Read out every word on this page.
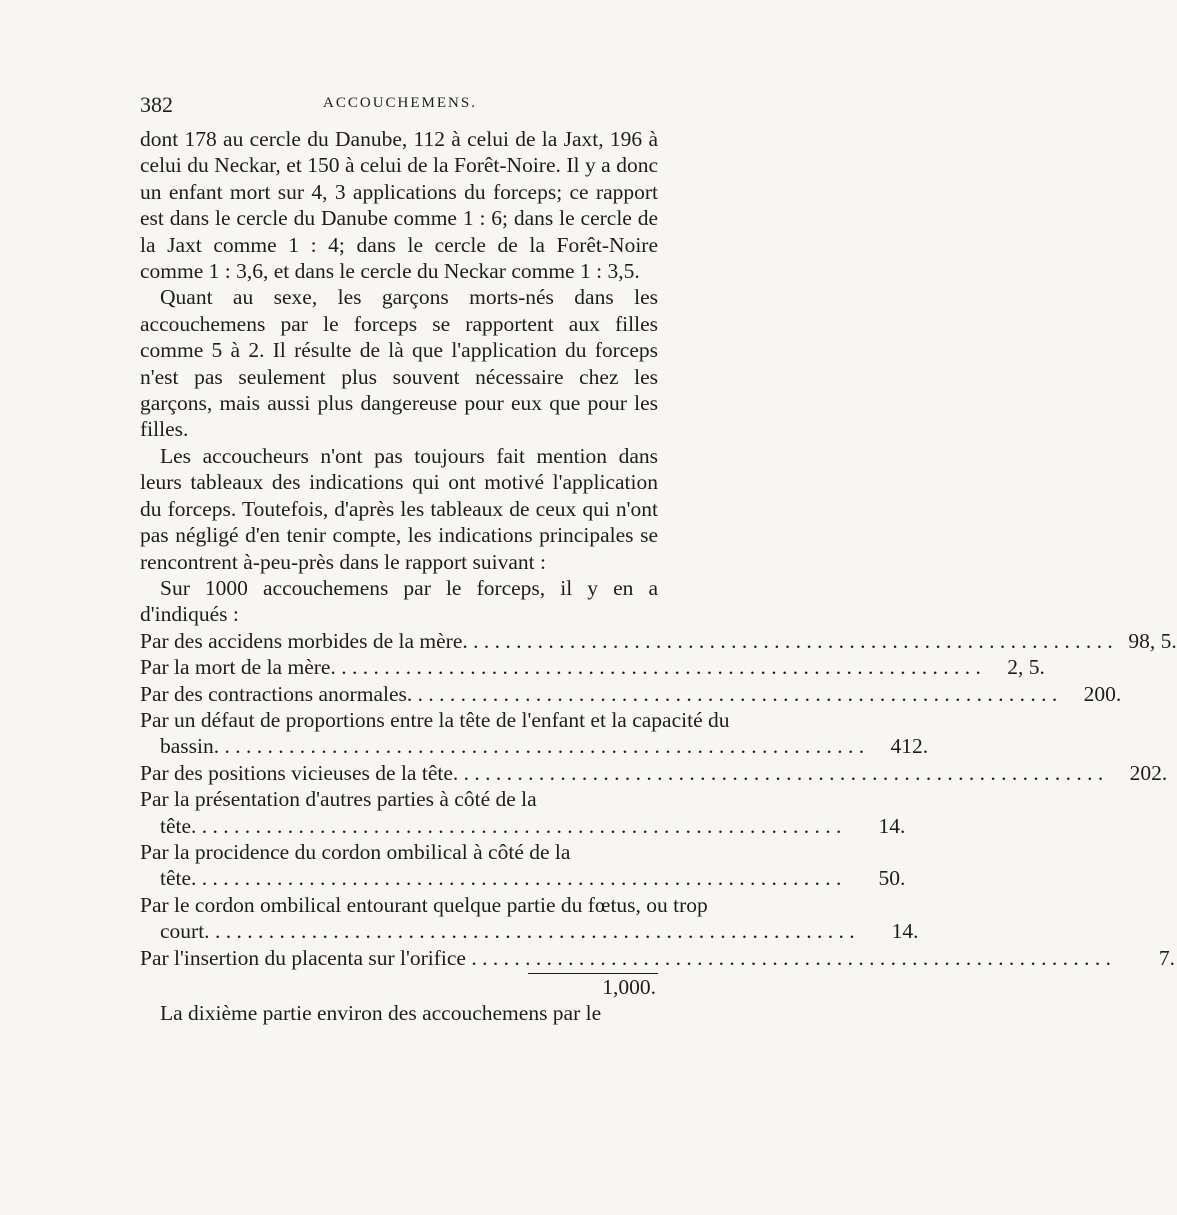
382	ACCOUCHEMENS.

dont 178 au cercle du Danube, 112 à celui de la Jaxt, 196 à celui du Neckar, et 150 à celui de la Forêt-Noire. Il y a donc un enfant mort sur 4, 3 applications du forceps; ce rapport est dans le cercle du Danube comme 1 : 6; dans le cercle de la Jaxt comme 1 : 4; dans le cercle de la Forêt-Noire comme 1 : 3,6, et dans le cercle du Neckar comme 1 : 3,5.

Quant au sexe, les garçons morts-nés dans les accouchemens par le forceps se rapportent aux filles comme 5 à 2. Il résulte de là que l'application du forceps n'est pas seulement plus souvent nécessaire chez les garçons, mais aussi plus dangereuse pour eux que pour les filles.

Les accoucheurs n'ont pas toujours fait mention dans leurs tableaux des indications qui ont motivé l'application du forceps. Toutefois, d'après les tableaux de ceux qui n'ont pas négligé d'en tenir compte, les indications principales se rencontrent à-peu-près dans le rapport suivant :

Sur 1000 accouchemens par le forceps, il y en a d'indiqués :

Par des accidens morbides de la mère. . . .	98, 5.
Par la mort de la mère. . . .	2, 5.
Par des contractions anormales. . . .	200.
Par un défaut de proportions entre la tête de l'enfant et la capacité du bassin. . . .	412.
Par des positions vicieuses de la tête. . . .	202.
Par la présentation d'autres parties à côté de la tête. . . .	14.
Par la procidence du cordon ombilical à côté de la tête. . . .	50.
Par le cordon ombilical entourant quelque partie du fœtus, ou trop court. . . .	14.
Par l'insertion du placenta sur l'orifice . . .	7.
1,000.

La dixième partie environ des accouchemens par le
